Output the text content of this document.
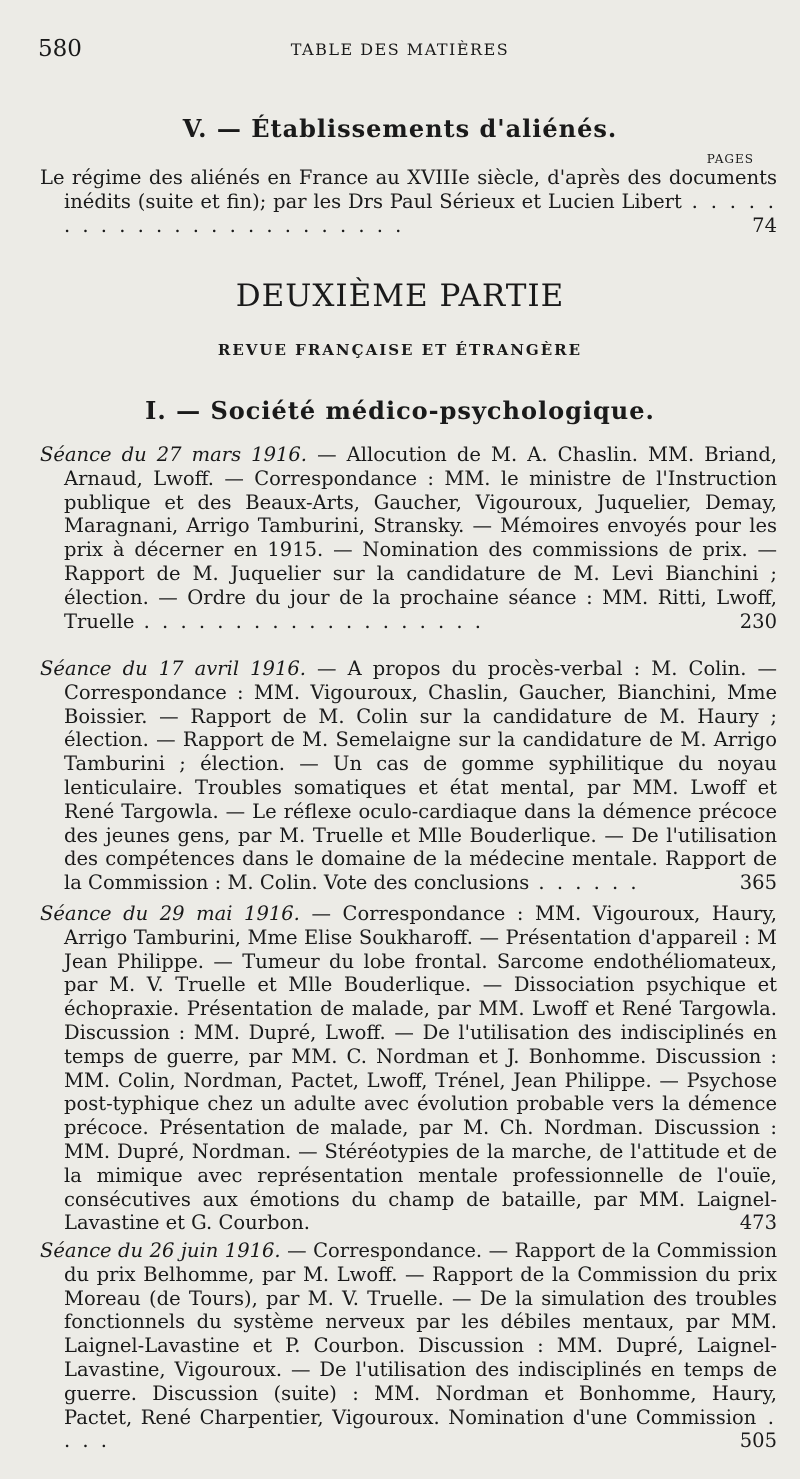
580	TABLE DES MATIÈRES
V. — Établissements d'aliénés.
PAGES
Le régime des aliénés en France au XVIIIe siècle, d'après des documents inédits (suite et fin); par les Drs Paul Sérieux et Lucien Libert . . . . . . . . . . . . . . . . . . . . . . . .	74
DEUXIÈME PARTIE
REVUE FRANÇAISE ET ÉTRANGÈRE
I. — Société médico-psychologique.
Séance du 27 mars 1916. — Allocution de M. A. Chaslin. MM. Briand, Arnaud, Lwoff. — Correspondance : MM. le ministre de l'Instruction publique et des Beaux-Arts, Gaucher, Vigouroux, Juquelier, Demay, Maragnani, Arrigo Tamburini, Stransky. — Mémoires envoyés pour les prix à décerner en 1915. — Nomination des commissions de prix. — Rapport de M. Juquelier sur la candidature de M. Levi Bianchini ; élection. — Ordre du jour de la prochaine séance : MM. Ritti, Lwoff, Truelle . . . . . . . . . . . . . . . . . . .	230
Séance du 17 avril 1916. — A propos du procès-verbal : M. Colin. — Correspondance : MM. Vigouroux, Chaslin, Gaucher, Bianchini, Mme Boissier. — Rapport de M. Colin sur la candidature de M. Haury ; élection. — Rapport de M. Semelaigne sur la candidature de M. Arrigo Tamburini ; élection. — Un cas de gomme syphilitique du noyau lenticulaire. Troubles somatiques et état mental, par MM. Lwoff et René Targowla. — Le réflexe oculo-cardiaque dans la démence précoce des jeunes gens, par M. Truelle et Mlle Bouderlique. — De l'utilisation des compétences dans le domaine de la médecine mentale. Rapport de la Commission : M. Colin. Vote des conclusions . . . . . .	365
Séance du 29 mai 1916. — Correspondance : MM. Vigouroux, Haury, Arrigo Tamburini, Mme Elise Soukharoff. — Présentation d'appareil : M Jean Philippe. — Tumeur du lobe frontal. Sarcome endothéliomateux, par M. V. Truelle et Mlle Bouderlique. — Dissociation psychique et échopraxie. Présentation de malade, par MM. Lwoff et René Targowla. Discussion : MM. Dupré, Lwoff. — De l'utilisation des indisciplinés en temps de guerre, par MM. C. Nordman et J. Bonhomme. Discussion : MM. Colin, Nordman, Pactet, Lwoff, Trénel, Jean Philippe. — Psychose post-typhique chez un adulte avec évolution probable vers la démence précoce. Présentation de malade, par M. Ch. Nordman. Discussion : MM. Dupré, Nordman. — Stéréotypies de la marche, de l'attitude et de la mimique avec représentation mentale professionnelle de l'ouïe, consécutives aux émotions du champ de bataille, par MM. Laignel-Lavastine et G. Courbon.	473
Séance du 26 juin 1916. — Correspondance. — Rapport de la Commission du prix Belhomme, par M. Lwoff. — Rapport de la Commission du prix Moreau (de Tours), par M. V. Truelle. — De la simulation des troubles fonctionnels du système nerveux par les débiles mentaux, par MM. Laignel-Lavastine et P. Courbon. Discussion : MM. Dupré, Laignel-Lavastine, Vigouroux. — De l'utilisation des indisciplinés en temps de guerre. Discussion (suite) : MM. Nordman et Bonhomme, Haury, Pactet, René Charpentier, Vigouroux. Nomination d'une Commission . . . .	505
